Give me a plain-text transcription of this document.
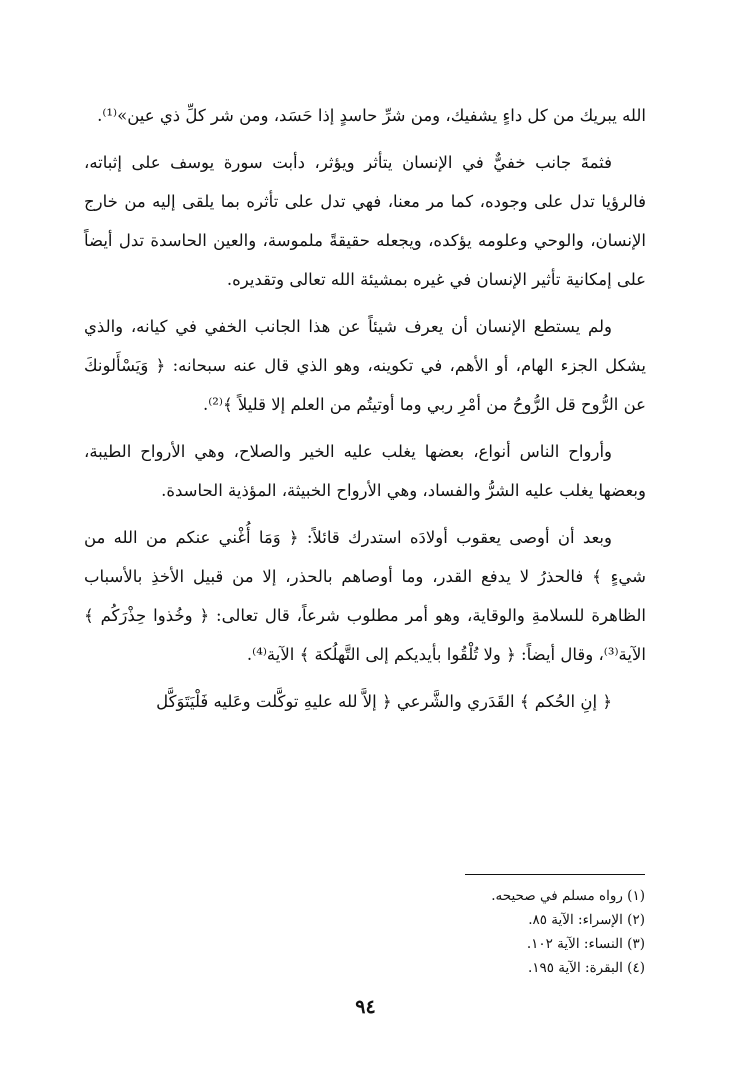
الله يبريك من كل داءٍ يشفيك، ومن شرِّ حاسدٍ إذا حَسَد، ومن شر كلِّ ذي عين»⁽¹⁾.

فثمةَ جانب خفيٌّ في الإنسان يتأثر ويؤثر، دأبت سورة يوسف على إثباته، فالرؤيا تدل على وجوده، كما مر معنا، فهي تدل على تأثره بما يلقى إليه من خارج الإنسان، والوحي وعلومه يؤكده، ويجعله حقيقةً ملموسة، والعين الحاسدة تدل أيضاً على إمكانية تأثير الإنسان في غيره بمشيئة الله تعالى وتقديره.

ولم يستطع الإنسان أن يعرف شيئاً عن هذا الجانب الخفي في كيانه، والذي يشكل الجزء الهام، أو الأهم، في تكوينه، وهو الذي قال عنه سبحانه: ﴿ وَيَسْأَلونكَ عن الرُّوح قل الرُّوحُ من أمْرِ ربي وما أوتيتُم من العلم إلا قليلاً ﴾⁽²⁾.

وأرواح الناس أنواع، بعضها يغلب عليه الخير والصلاح، وهي الأرواح الطيبة، وبعضها يغلب عليه الشرُّ والفساد، وهي الأرواح الخبيثة، المؤذية الحاسدة.

وبعد أن أوصى يعقوب أولادَه استدرك قائلاً: ﴿ وَمَا أُغْني عنكم من الله من شيءٍ ﴾ فالحذرُ لا يدفع القدر، وما أوصاهم بالحذر، إلا من قبيل الأخذِ بالأسباب الظاهرة للسلامةِ والوقاية، وهو أمر مطلوب شرعاً، قال تعالى: ﴿ وخُذوا حِذْرَكُم ﴾ الآية⁽³⁾، وقال أيضاً: ﴿ ولا تُلْقُوا بأيديكم إلى التَّهلُكة ﴾ الآية⁽⁴⁾.

﴿ إنِ الحُكم ﴾ القَدَري والشَّرعي ﴿ إلاَّ لله عليهِ توكَّلت وعَليه فَلْيَتَوَكَّل

(١) رواه مسلم في صحيحه.

(٢) الإسراء: الآية ٨٥.

(٣) النساء: الآية ١٠٢.

(٤) البقرة: الآية ١٩٥.

٩٤
